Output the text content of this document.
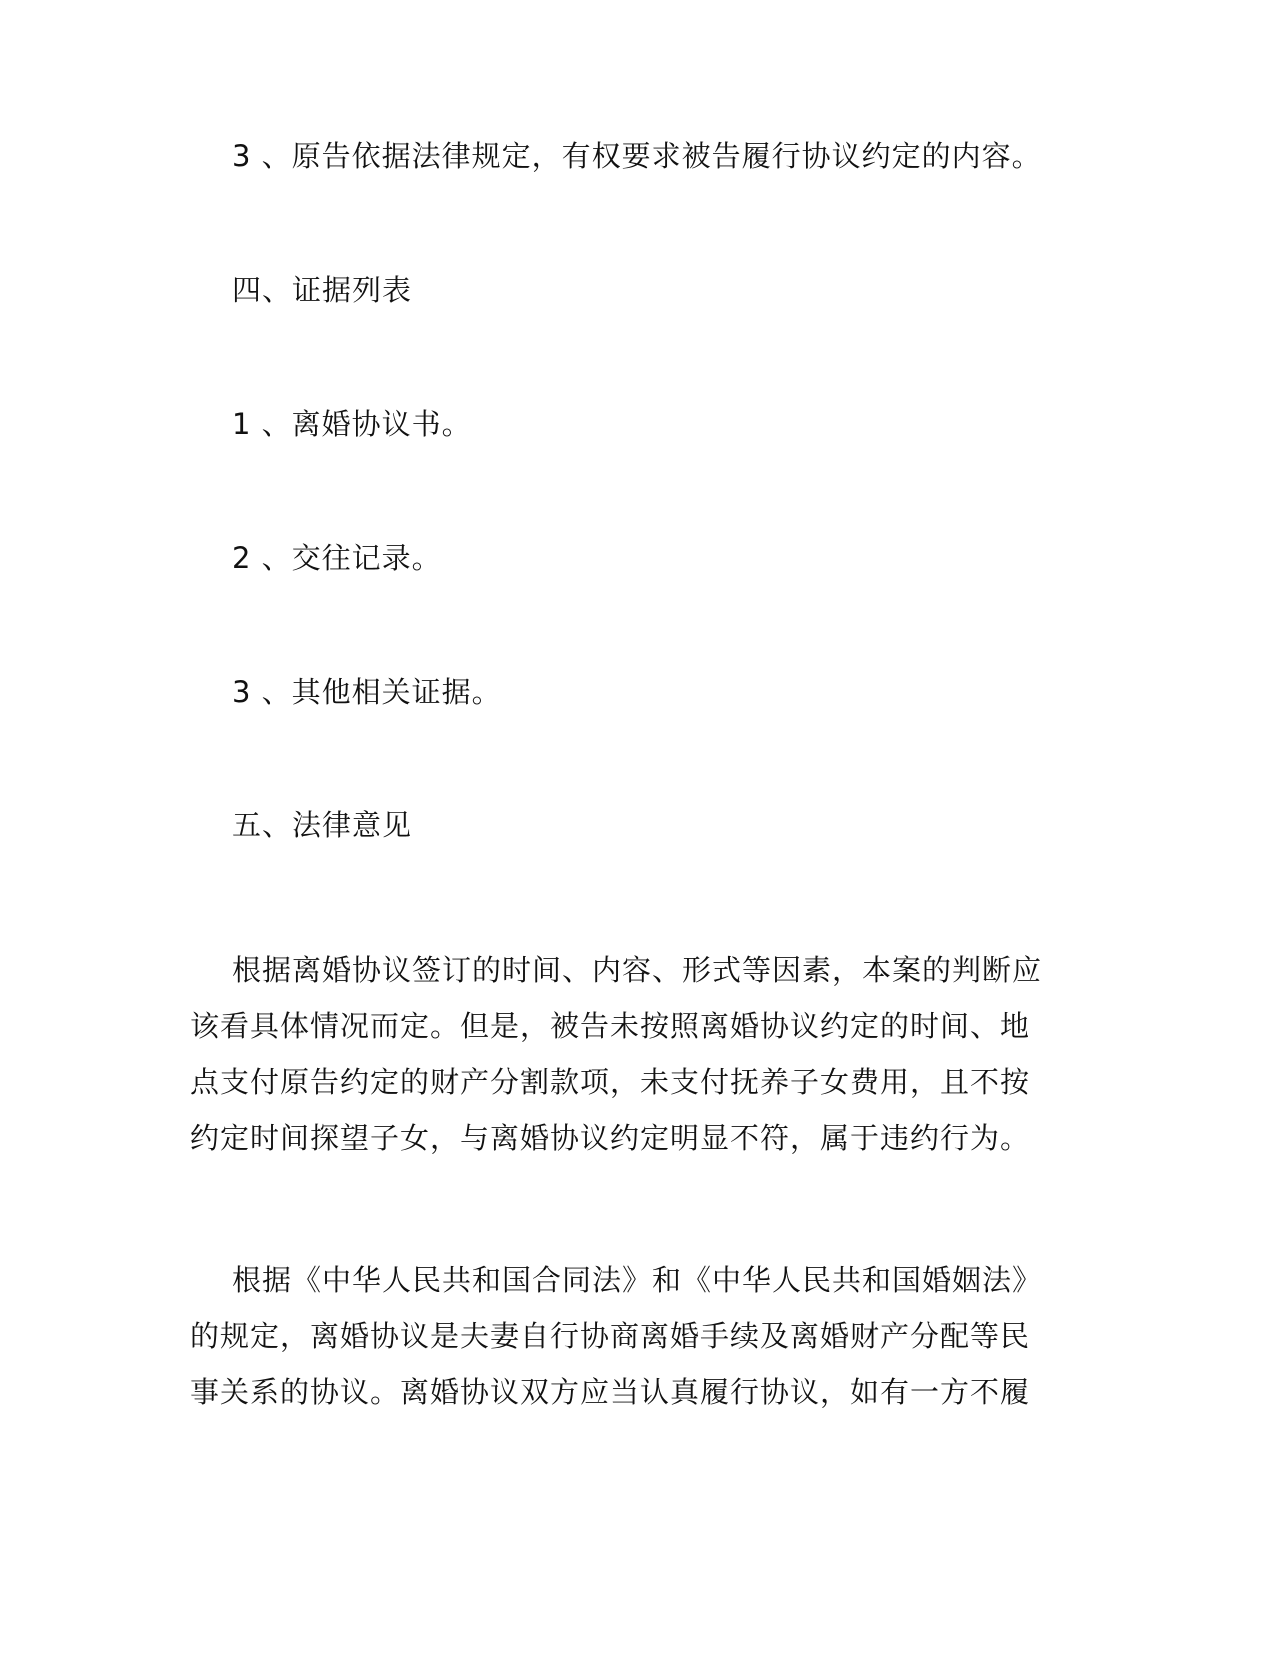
3 、原告依据法律规定，有权要求被告履行协议约定的内容。

四、证据列表

1 、离婚协议书。

2 、交往记录。

3 、其他相关证据。

五、法律意见

根据离婚协议签订的时间、内容、形式等因素，本案的判断应
该看具体情况而定。但是，被告未按照离婚协议约定的时间、地
点支付原告约定的财产分割款项，未支付抚养子女费用，且不按
约定时间探望子女，与离婚协议约定明显不符，属于违约行为。
根据《中华人民共和国合同法》和《中华人民共和国婚姻法》
的规定，离婚协议是夫妻自行协商离婚手续及离婚财产分配等民
事关系的协议。离婚协议双方应当认真履行协议，如有一方不履
